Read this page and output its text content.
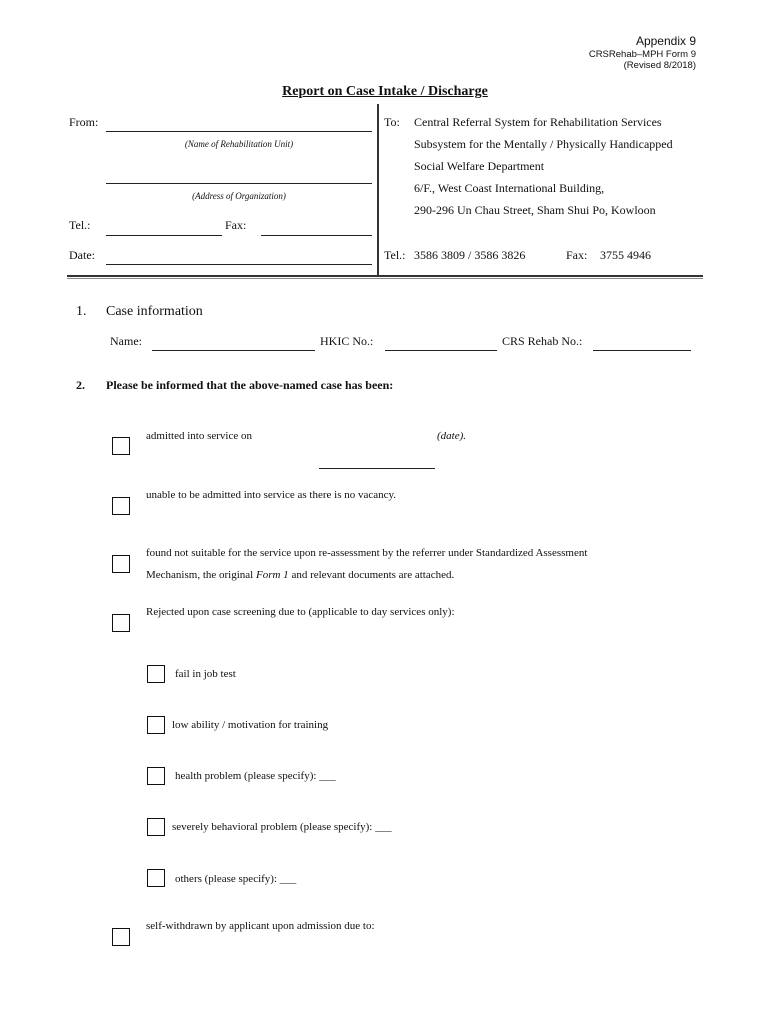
Appendix 9
CRSRehab–MPH Form 9
(Revised 8/2018)
Report on Case Intake / Discharge
From:
(Name of Rehabilitation Unit)
(Address of Organization)
Tel.:	Fax:
Date:
To: Central Referral System for Rehabilitation Services
Subsystem for the Mentally / Physically Handicapped
Social Welfare Department
6/F., West Coast International Building,
290-296 Un Chau Street, Sham Shui Po, Kowloon
Tel.: 3586 3809 / 3586 3826	Fax: 3755 4946
1. Case information
Name:	HKIC No.:	CRS Rehab No.:
2. Please be informed that the above-named case has been:
admitted into service on	(date).
unable to be admitted into service as there is no vacancy.
found not suitable for the service upon re-assessment by the referrer under Standardized Assessment
Mechanism, the original Form 1 and relevant documents are attached.
Rejected upon case screening due to (applicable to day services only):
fail in job test
low ability / motivation for training
health problem (please specify): ___
severely behavioral problem (please specify): ___
others (please specify): ___
self-withdrawn by applicant upon admission due to:
